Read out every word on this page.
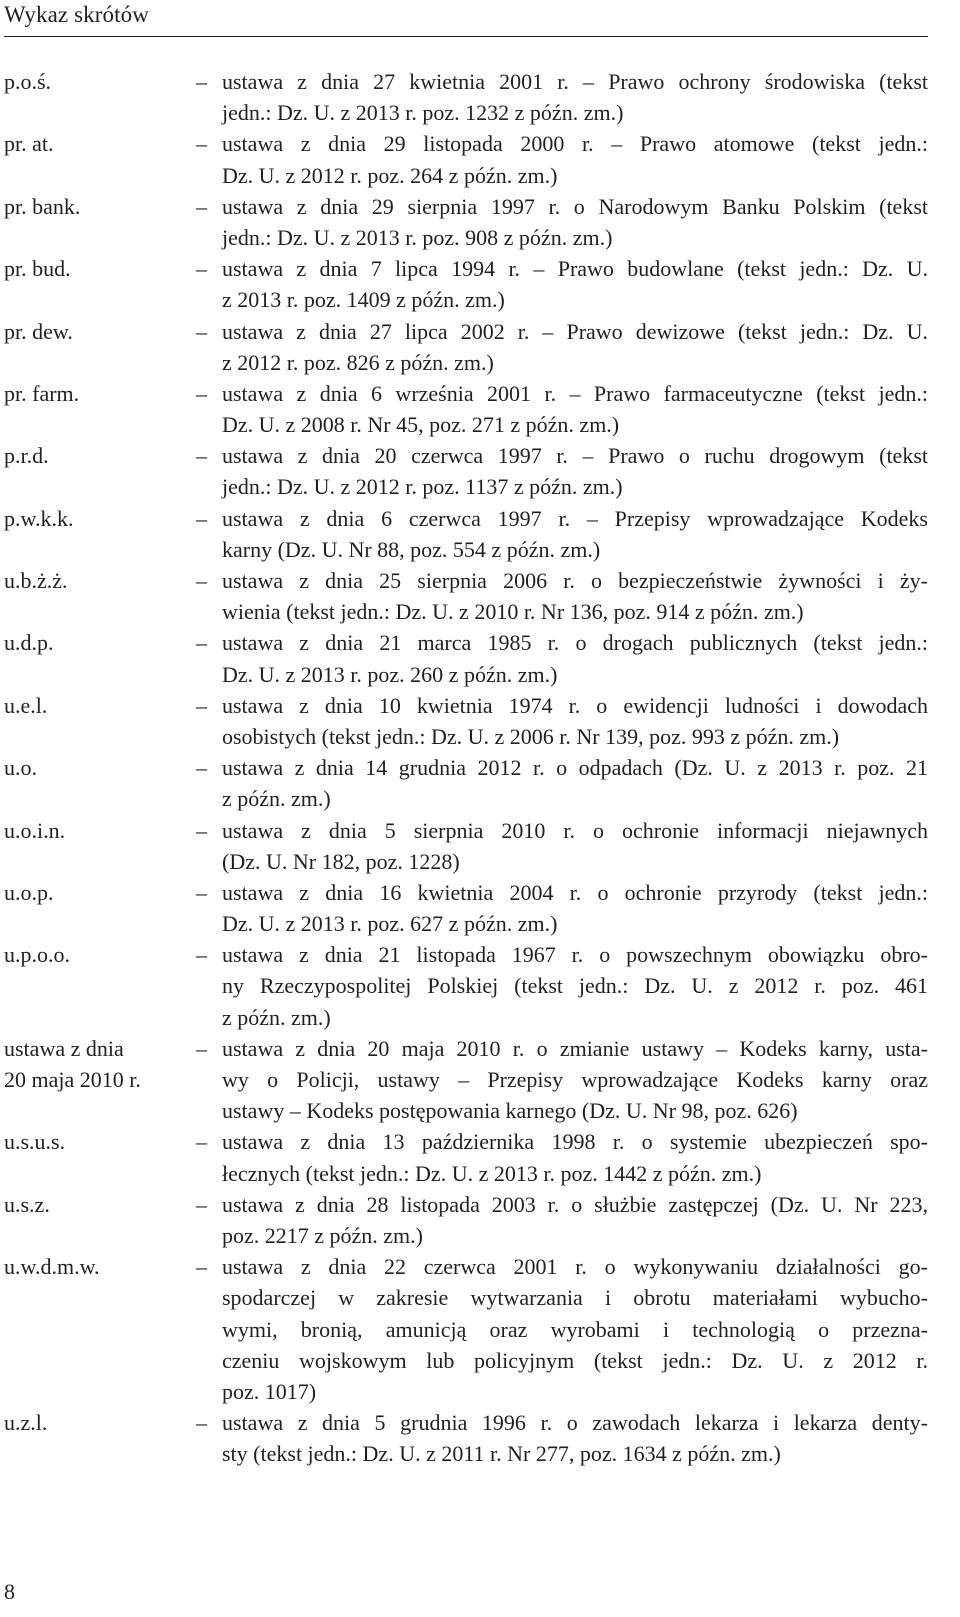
Wykaz skrótów
p.o.ś.	– ustawa z dnia 27 kwietnia 2001 r. – Prawo ochrony środowiska (tekst
jedn.: Dz. U. z 2013 r. poz. 1232 z późn. zm.)
pr. at.	– ustawa z dnia 29 listopada 2000 r. – Prawo atomowe (tekst jedn.:
Dz. U. z 2012 r. poz. 264 z późn. zm.)
pr. bank.	– ustawa z dnia 29 sierpnia 1997 r. o Narodowym Banku Polskim (tekst
jedn.: Dz. U. z 2013 r. poz. 908 z późn. zm.)
pr. bud.	– ustawa z dnia 7 lipca 1994 r. – Prawo budowlane (tekst jedn.: Dz. U.
z 2013 r. poz. 1409 z późn. zm.)
pr. dew.	– ustawa z dnia 27 lipca 2002 r. – Prawo dewizowe (tekst jedn.: Dz. U.
z 2012 r. poz. 826 z późn. zm.)
pr. farm.	– ustawa z dnia 6 września 2001 r. – Prawo farmaceutyczne (tekst jedn.:
Dz. U. z 2008 r. Nr 45, poz. 271 z późn. zm.)
p.r.d.	– ustawa z dnia 20 czerwca 1997 r. – Prawo o ruchu drogowym (tekst
jedn.: Dz. U. z 2012 r. poz. 1137 z późn. zm.)
p.w.k.k.	– ustawa z dnia 6 czerwca 1997 r. – Przepisy wprowadzające Kodeks
karny (Dz. U. Nr 88, poz. 554 z późn. zm.)
u.b.ż.ż.	– ustawa z dnia 25 sierpnia 2006 r. o bezpieczeństwie żywności i ży-
wienia (tekst jedn.: Dz. U. z 2010 r. Nr 136, poz. 914 z późn. zm.)
u.d.p.	– ustawa z dnia 21 marca 1985 r. o drogach publicznych (tekst jedn.:
Dz. U. z 2013 r. poz. 260 z późn. zm.)
u.e.l.	– ustawa z dnia 10 kwietnia 1974 r. o ewidencji ludności i dowodach
osobistych (tekst jedn.: Dz. U. z 2006 r. Nr 139, poz. 993 z późn. zm.)
u.o.	– ustawa z dnia 14 grudnia 2012 r. o odpadach (Dz. U. z 2013 r. poz. 21
z późn. zm.)
u.o.i.n.	– ustawa z dnia 5 sierpnia 2010 r. o ochronie informacji niejawnych
(Dz. U. Nr 182, poz. 1228)
u.o.p.	– ustawa z dnia 16 kwietnia 2004 r. o ochronie przyrody (tekst jedn.:
Dz. U. z 2013 r. poz. 627 z późn. zm.)
u.p.o.o.	– ustawa z dnia 21 listopada 1967 r. o powszechnym obowiązku obro-
ny Rzeczypospolitej Polskiej (tekst jedn.: Dz. U. z 2012 r. poz. 461
z późn. zm.)
ustawa z dnia
20 maja 2010 r.
– ustawa z dnia 20 maja 2010 r. o zmianie ustawy – Kodeks karny, usta-
wy o Policji, ustawy – Przepisy wprowadzające Kodeks karny oraz
ustawy – Kodeks postępowania karnego (Dz. U. Nr 98, poz. 626)
u.s.u.s.	– ustawa z dnia 13 października 1998 r. o systemie ubezpieczeń spo-
łecznych (tekst jedn.: Dz. U. z 2013 r. poz. 1442 z późn. zm.)
u.s.z.	– ustawa z dnia 28 listopada 2003 r. o służbie zastępczej (Dz. U. Nr 223,
poz. 2217 z późn. zm.)
u.w.d.m.w.	– ustawa z dnia 22 czerwca 2001 r. o wykonywaniu działalności go-
spodarczej w zakresie wytwarzania i obrotu materiałami wybucho-
wymi, bronią, amunicją oraz wyrobami i technologią o przezna-
czeniu wojskowym lub policyjnym (tekst jedn.: Dz. U. z 2012 r.
poz. 1017)
u.z.l.	– ustawa z dnia 5 grudnia 1996 r. o zawodach lekarza i lekarza denty-
sty (tekst jedn.: Dz. U. z 2011 r. Nr 277, poz. 1634 z późn. zm.)
8
